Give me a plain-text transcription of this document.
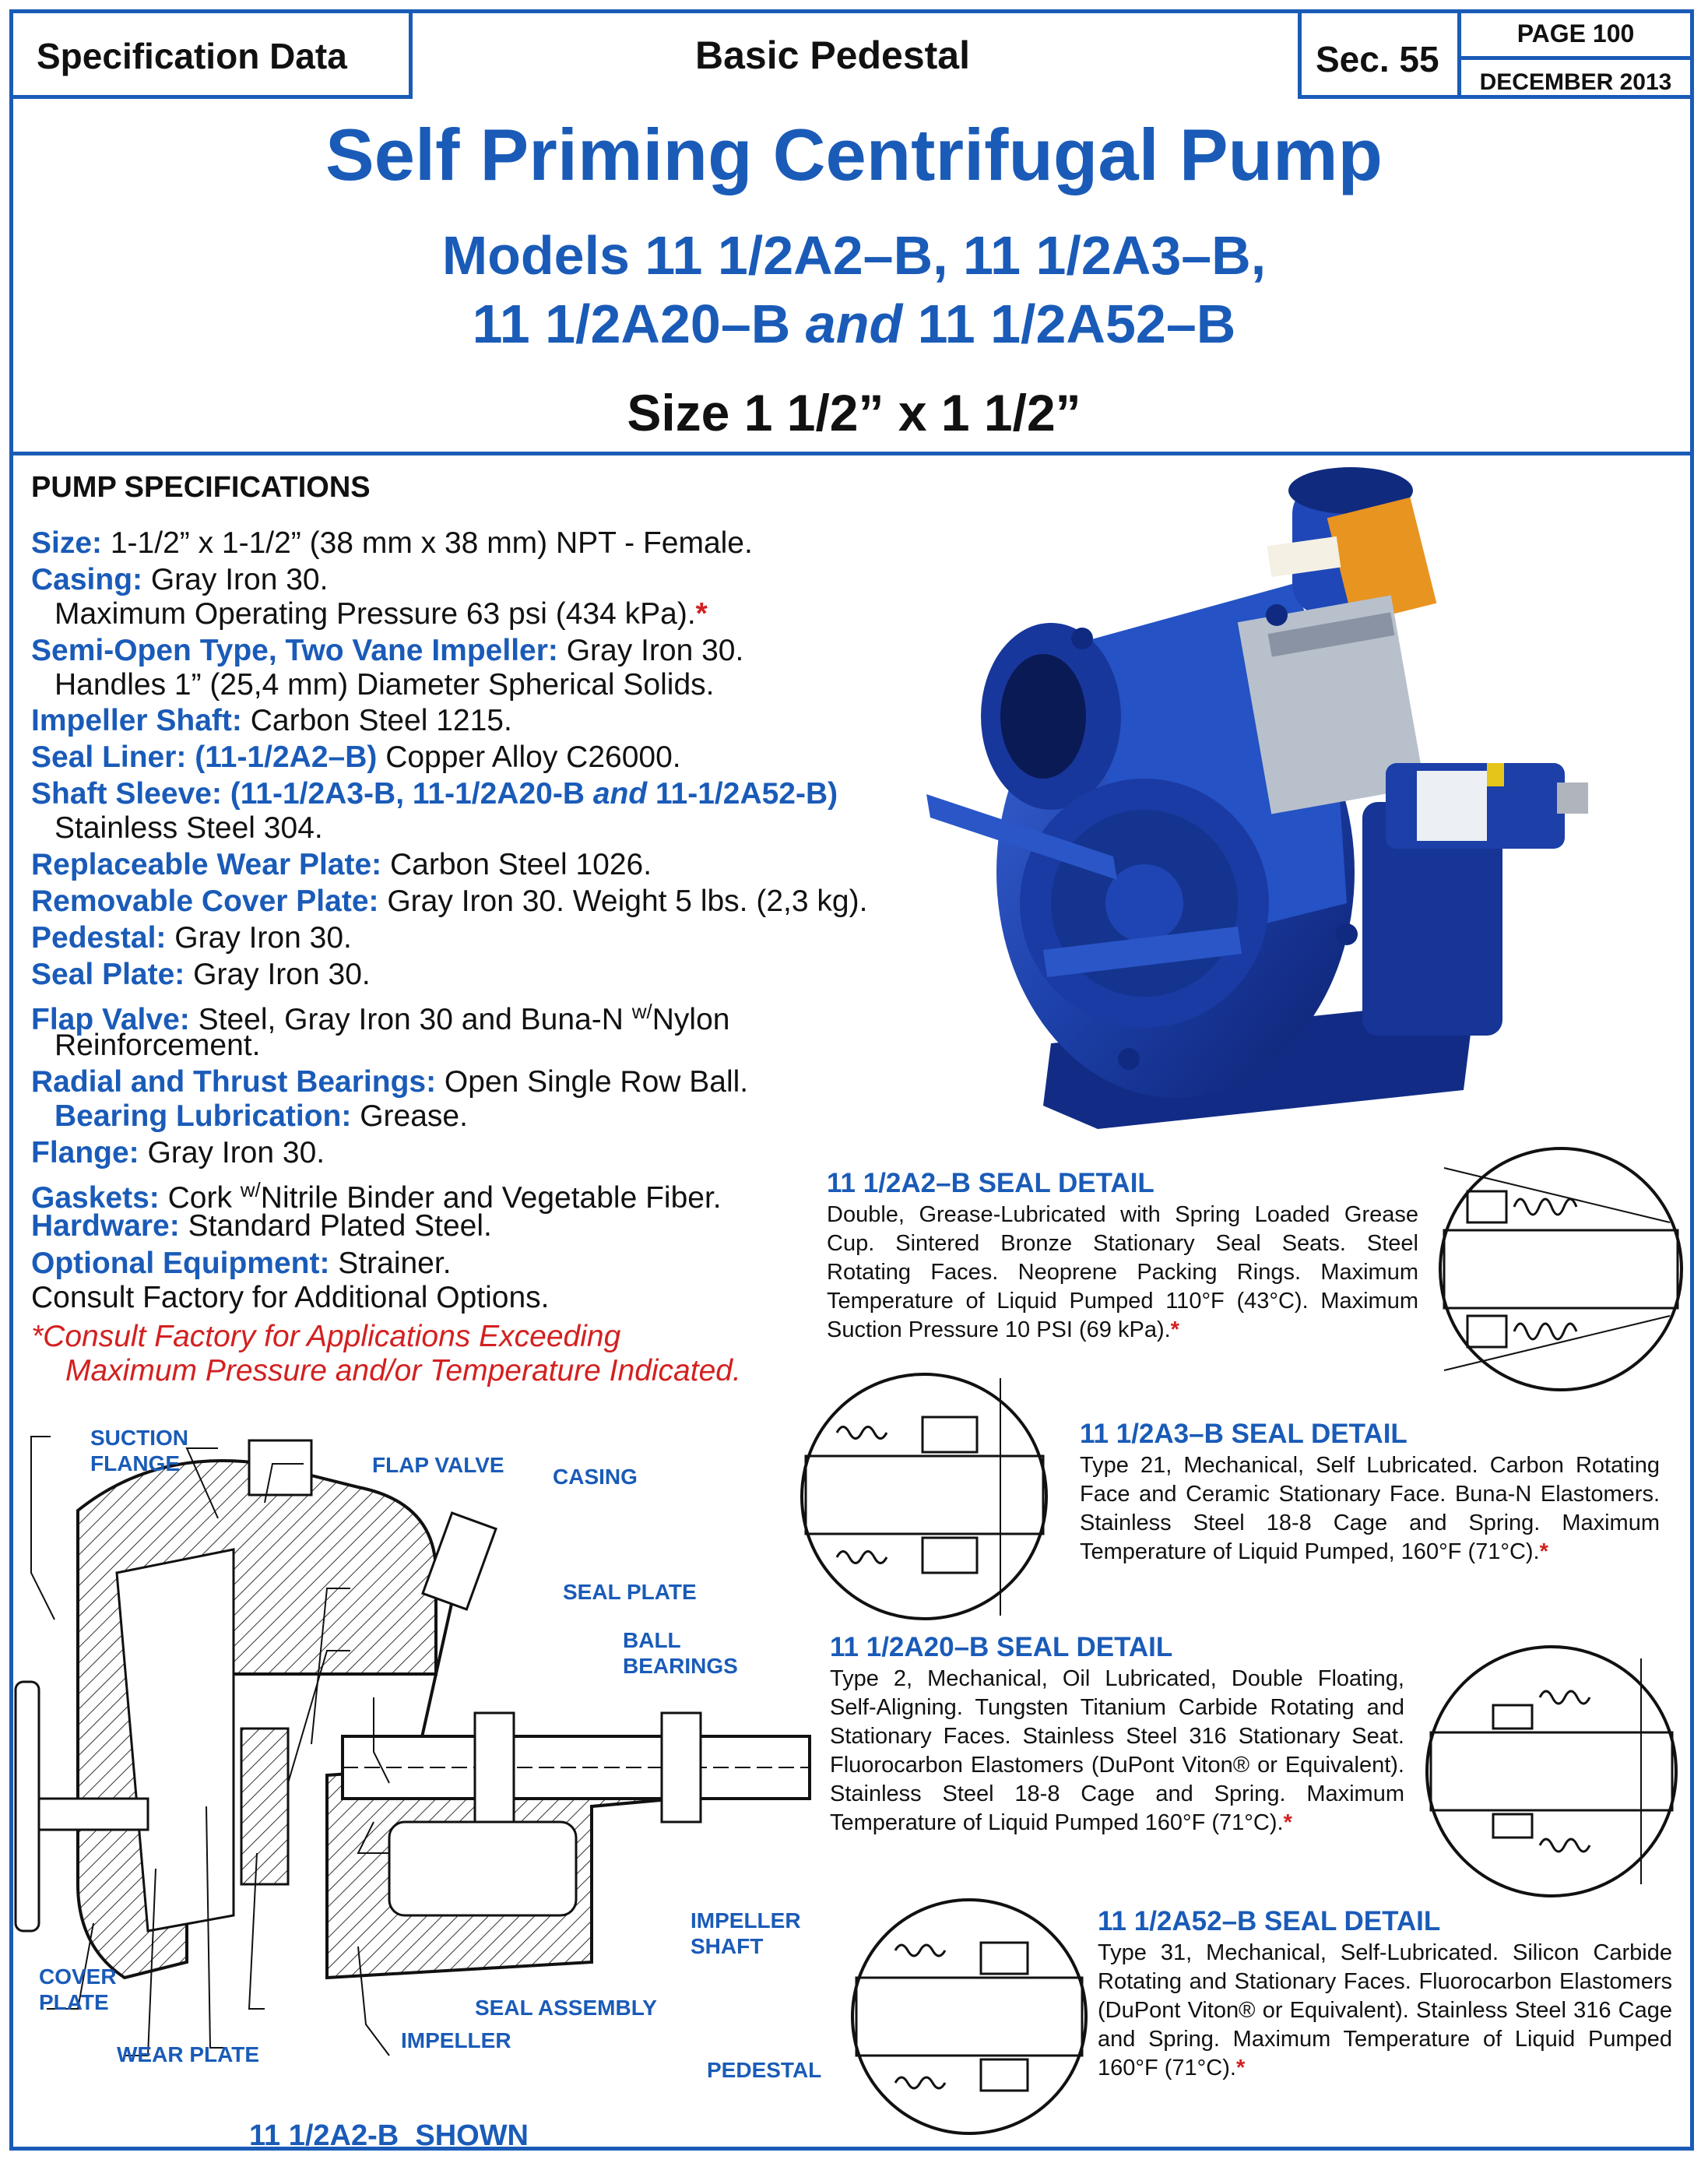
Specification Data	Basic Pedestal	Sec. 55
PAGE 100
DECEMBER 2013
Self Priming Centrifugal Pump
Models 11 1/2A2–B, 11 1/2A3–B,
11 1/2A20–B and 11 1/2A52–B
Size 1 1/2” x 1 1/2”
PUMP SPECIFICATIONS
Size: 1-1/2” x 1-1/2” (38 mm x 38 mm) NPT - Female.
Casing: Gray Iron 30.
Maximum Operating Pressure 63 psi (434 kPa).*
Semi-Open Type, Two Vane Impeller: Gray Iron 30.
Handles 1” (25,4 mm) Diameter Spherical Solids.
Impeller Shaft: Carbon Steel 1215.
Seal Liner: (11-1/2A2–B) Copper Alloy C26000.
Shaft Sleeve: (11-1/2A3-B, 11-1/2A20-B and 11-1/2A52-B)
Stainless Steel 304.
Replaceable Wear Plate: Carbon Steel 1026.
Removable Cover Plate: Gray Iron 30. Weight 5 lbs. (2,3 kg).
Pedestal: Gray Iron 30.
Seal Plate: Gray Iron 30.
Flap Valve: Steel, Gray Iron 30 and Buna-N $^{w/}$Nylon
Reinforcement.
Radial and Thrust Bearings: Open Single Row Ball.
Bearing Lubrication: Grease.
Flange: Gray Iron 30.
Gaskets: Cork $^{w/}$Nitrile Binder and Vegetable Fiber.
Hardware: Standard Plated Steel.
Optional Equipment: Strainer.
Consult Factory for Additional Options.
*Consult Factory for Applications Exceeding
Maximum Pressure and/or Temperature Indicated.
11 1/2A2–B SEAL DETAIL
Double, Grease-Lubricated with Spring Loaded Grease Cup. Sintered Bronze Stationary Seal Seats. Steel Rotating Faces. Neoprene Packing Rings. Maximum Temperature of Liquid Pumped 110°F (43°C). Maximum Suction Pressure 10 PSI (69 kPa).*
11 1/2A3–B SEAL DETAIL
Type 21, Mechanical, Self Lubricated. Carbon Rotating Face and Ceramic Stationary Face. Buna-N Elastomers. Stainless Steel 18-8 Cage and Spring. Maximum Temperature of Liquid Pumped, 160°F (71°C).*
11 1/2A20–B SEAL DETAIL
Type 2, Mechanical, Oil Lubricated, Double Floating, Self-Aligning. Tungsten Titanium Carbide Rotating and Stationary Faces. Stainless Steel 316 Stationary Seat. Fluorocarbon Elastomers (DuPont Viton® or Equivalent). Stainless Steel 18-8 Cage and Spring. Maximum Temperature of Liquid Pumped 160°F (71°C).*
11 1/2A52–B SEAL DETAIL
Type 31, Mechanical, Self-Lubricated. Silicon Carbide Rotating and Stationary Faces. Fluorocarbon Elastomers (DuPont Viton® or Equivalent). Stainless Steel 316 Cage and Spring. Maximum Temperature of Liquid Pumped 160°F (71°C).*
SUCTION
FLANGE	FLAP VALVE CASING
SEAL PLATE
BALL
BEARINGS
IMPELLER
SHAFT
COVER
PLATE	SEAL ASSEMBLY
IMPELLER
WEAR PLATE
PEDESTAL
11 1/2A2-B  SHOWN
